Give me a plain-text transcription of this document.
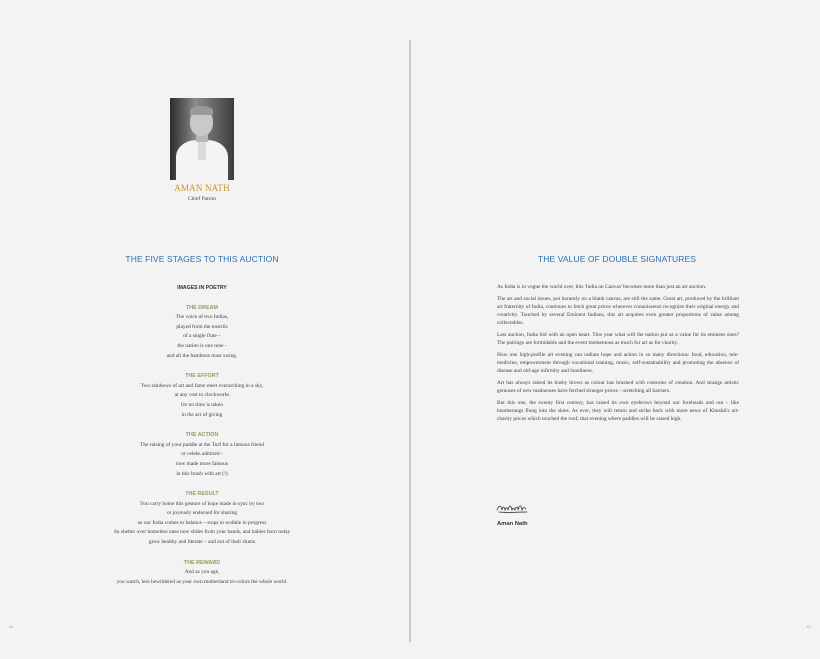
AMAN NATH
Chief Patron
THE FIVE STAGES TO THIS AUCTION
IMAGES IN POETRY
THE DREAM
The voice of two Indias,
played from the nostrils
of a single flute –
the nation is one tune -
and all the bamboos must swing.
THE EFFORT
Two rainbows of art and fame meet overarching in a sky,
at any cost to clockworks
for no time is taken
in the act of giving
THE ACTION
The raising of your paddle at the Turf for a famous friend
or celebs admired -
now made more famous
in this brush with art (!)
THE RESULT
You carry home this gesture of hope made in sync by two
or joyously endorsed for sharing
so our India comes to balance – stops to wobble in progress
So shelter over homeless ones now slides from your hands, and babies born today
grow healthy and literate – and out of their slums
THE REWARD
And as you age,
you watch, less bewildered as your own motherland tri-colors the whole world.
64
THE VALUE OF DOUBLE SIGNATURES

As India is in vogue the world over, this 'India on Canvas' becomes more than just an art auction.

The art and social issues, put honestly on a blank canvas, are still the same. Great art, produced by the brilliant art fraternity of India, continues to fetch great prices wherever connoisseurs recognize their original energy and creativity. Touched by several Eminent Indians, this art acquires even greater proportions of value among collectables.

Last auction, India bid with an open heart. This year what will the nation put as a value for its eminent ones? The pairings are formidable and the event momentous as much for art as for charity.

How one high-profile art evening can radiate hope and action in so many directions: food, education, tele-medicine, empowerment through vocational training, music, self-sustainability and promoting the absence of disease and old-age infirmity and loneliness.

Art has always raised its bushy brows as colour has brushed with centuries of creation. And strange artistic geniuses of new madnesses have fetched stranger prices – stretching all barriers.

But this one, the twenty first century, has raised its own eyebrows beyond our foreheads and out – like boomerangs flung into the skies. As ever, they will return and strike back with more news of Khushii's art-charity prices which touched the roof, that evening where paddles will be raised high.

Aman Nath
65
